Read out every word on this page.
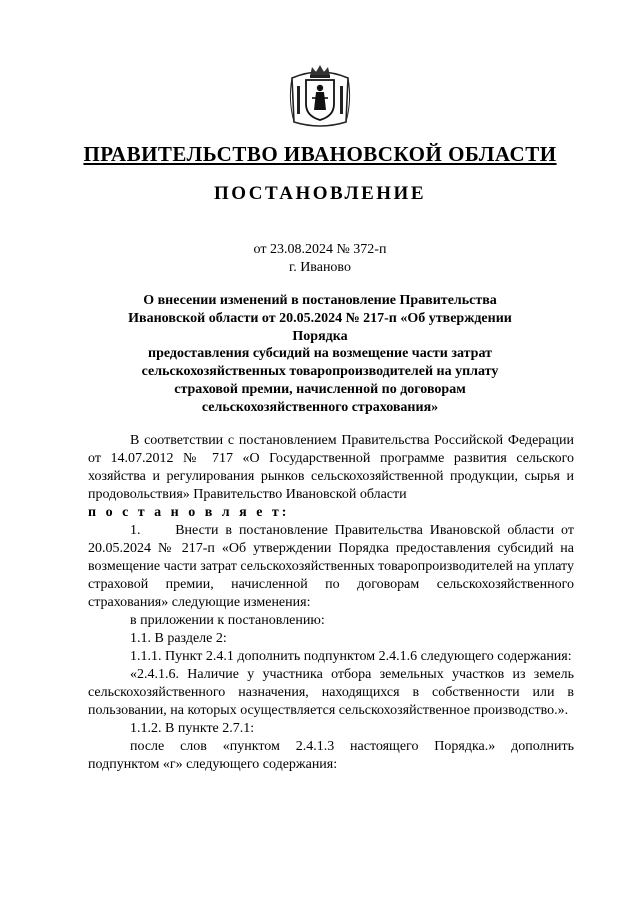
ПРАВИТЕЛЬСТВО ИВАНОВСКОЙ ОБЛАСТИ
ПОСТАНОВЛЕНИЕ
от 23.08.2024 № 372-п
г. Иваново
О внесении изменений в постановление Правительства
Ивановской области от 20.05.2024 № 217-п «Об утверждении Порядка
предоставления субсидий на возмещение части затрат
сельскохозяйственных товаропроизводителей на уплату
страховой премии, начисленной по договорам
сельскохозяйственного страхования»

В соответствии с постановлением Правительства Российской Федерации от 14.07.2012 № 717 «О Государственной программе развития сельского хозяйства и регулирования рынков сельскохозяйственной продукции, сырья и продовольствия» Правительство Ивановской области

п о с т а н о в л я е т:

1.     Внести в постановление Правительства Ивановской области от 20.05.2024 № 217-п «Об утверждении Порядка предоставления субсидий на возмещение части затрат сельскохозяйственных товаропроизводителей на уплату страховой премии, начисленной по договорам сельскохозяйственного страхования» следующие изменения:

в приложении к постановлению:

1.1. В разделе 2:

1.1.1. Пункт 2.4.1 дополнить подпунктом 2.4.1.6 следующего содержания:

«2.4.1.6. Наличие у участника отбора земельных участков из земель сельскохозяйственного назначения, находящихся в собственности или в пользовании, на которых осуществляется сельскохозяйственное производство.».

1.1.2. В пункте 2.7.1:

после слов «пунктом 2.4.1.3 настоящего Порядка.» дополнить подпунктом «г» следующего содержания:
